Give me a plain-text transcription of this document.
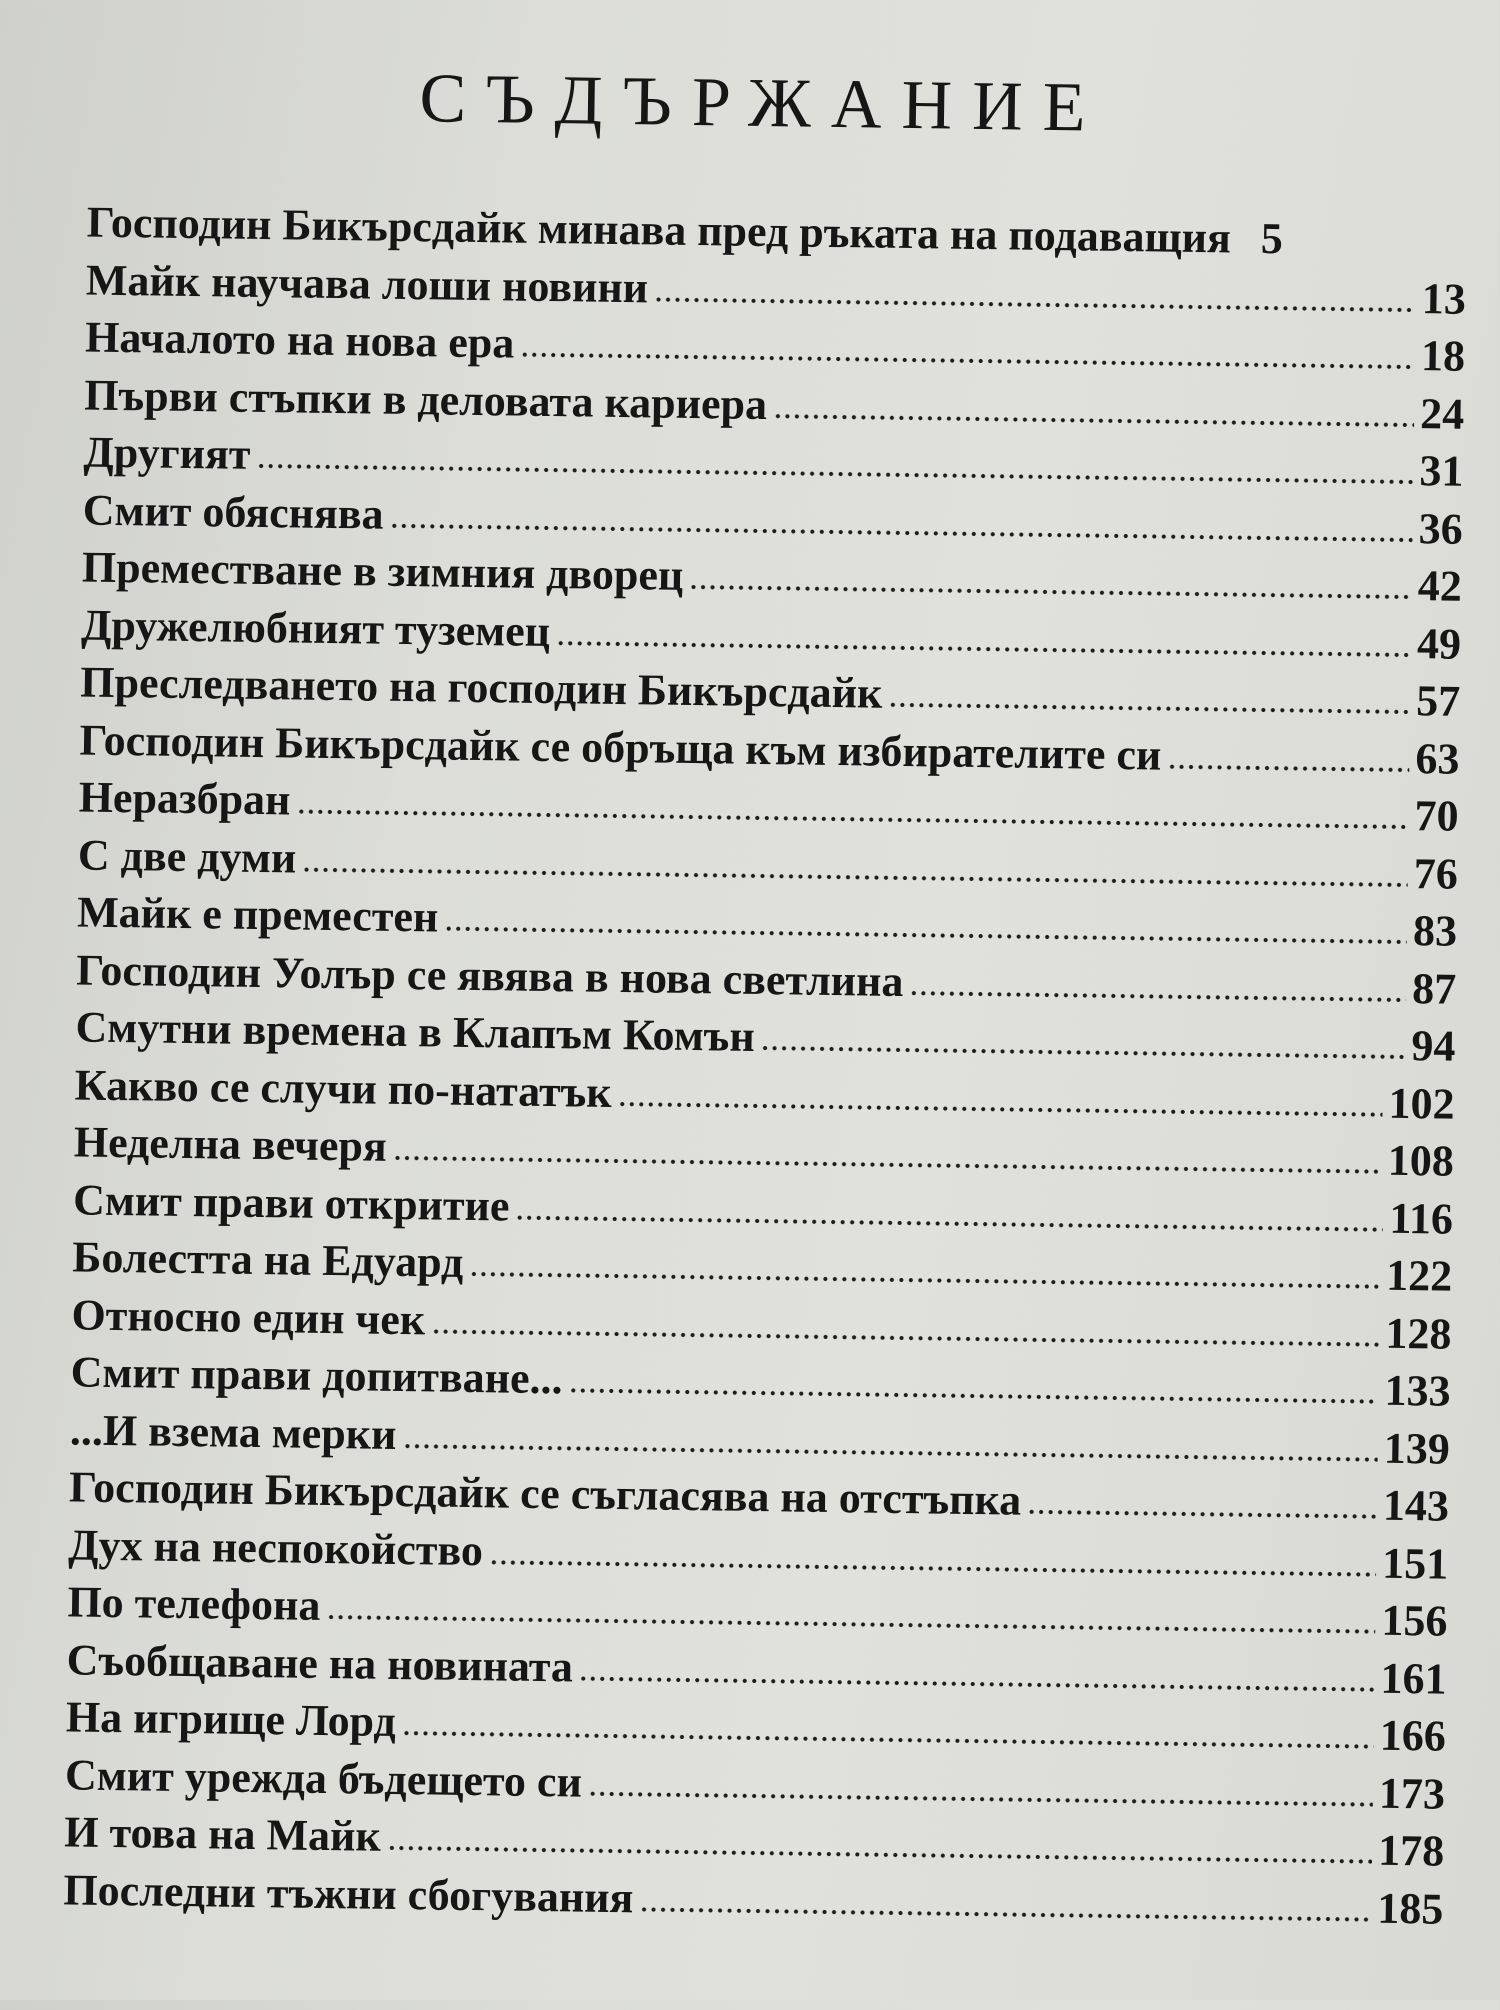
СЪДЪРЖАНИЕ
Господин Бикърсдайк минава пред ръката на подаващия 5
Майк научава лоши новини	13
Началото на нова ера	18
Първи стъпки в деловата кариера	24
Другият	31
Смит обяснява	36
Преместване в зимния дворец	42
Дружелюбният туземец	49
Преследването на господин Бикърсдайк	57
Господин Бикърсдайк се обръща към избирателите си	63
Неразбран	70
С две думи	76
Майк е преместен	83
Господин Уолър се явява в нова светлина	87
Смутни времена в Клапъм Комън	94
Какво се случи по-нататък	102
Неделна вечеря	108
Смит прави откритие	116
Болестта на Едуард	122
Относно един чек	128
Смит прави допитване...	133
...И взема мерки	139
Господин Бикърсдайк се съгласява на отстъпка	143
Дух на неспокойство	151
По телефона	156
Съобщаване на новината	161
На игрище Лорд	166
Смит урежда бъдещето си	173
И това на Майк	178
Последни тъжни сбогувания	185
